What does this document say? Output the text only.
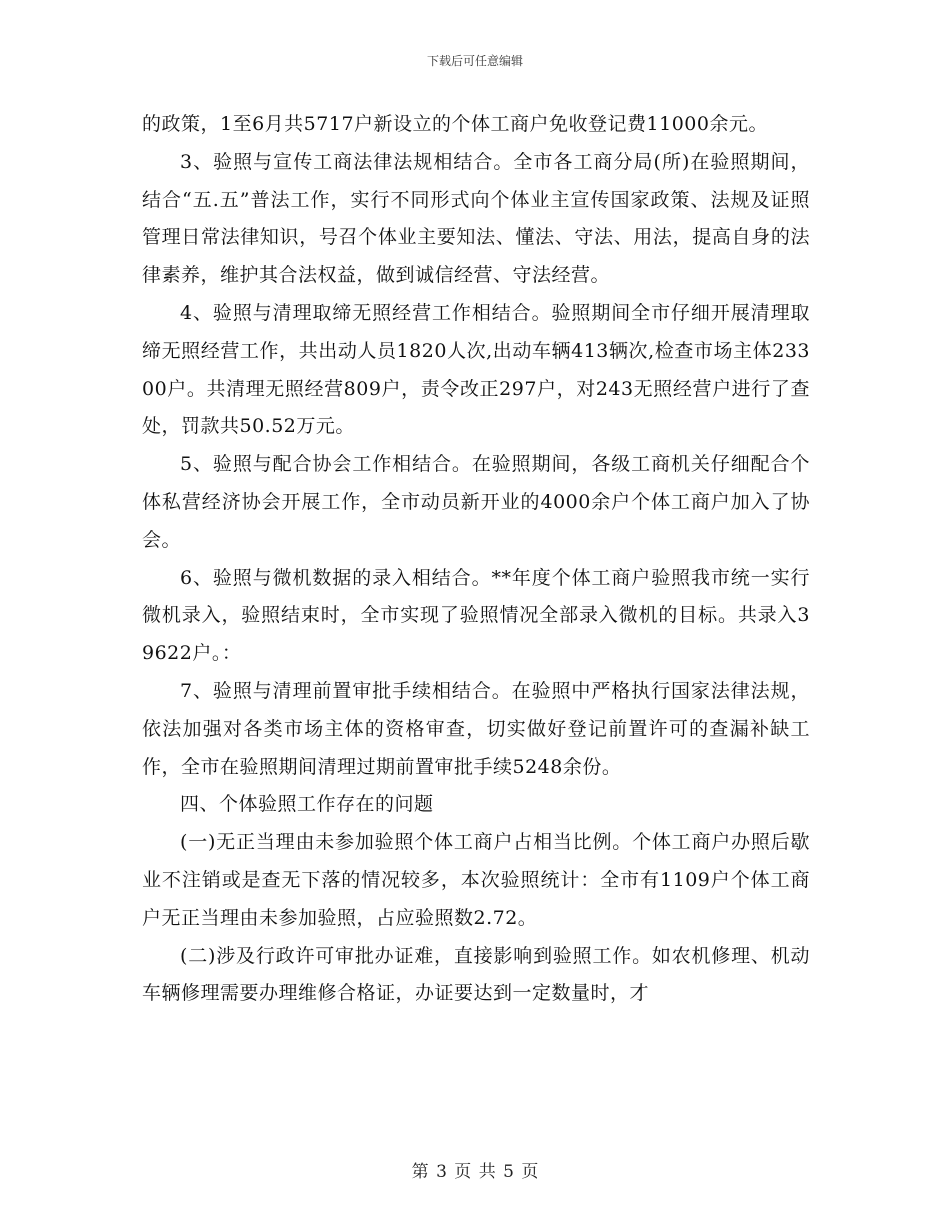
下载后可任意编辑

的政策，1至6月共5717户新设立的个体工商户免收登记费11000余元。

3、验照与宣传工商法律法规相结合。全市各工商分局(所)在验照期间，结合“五.五”普法工作，实行不同形式向个体业主宣传国家政策、法规及证照管理日常法律知识，号召个体业主要知法、懂法、守法、用法，提高自身的法律素养，维护其合法权益，做到诚信经营、守法经营。

4、验照与清理取缔无照经营工作相结合。验照期间全市仔细开展清理取缔无照经营工作，共出动人员1820人次,出动车辆413辆次,检查市场主体23300户。共清理无照经营809户，责令改正297户，对243无照经营户进行了查处，罚款共50.52万元。

5、验照与配合协会工作相结合。在验照期间，各级工商机关仔细配合个体私营经济协会开展工作，全市动员新开业的4000余户个体工商户加入了协会。

6、验照与微机数据的录入相结合。**年度个体工商户验照我市统一实行微机录入，验照结束时，全市实现了验照情况全部录入微机的目标。共录入39622户。：

7、验照与清理前置审批手续相结合。在验照中严格执行国家法律法规，依法加强对各类市场主体的资格审查，切实做好登记前置许可的查漏补缺工作，全市在验照期间清理过期前置审批手续5248余份。

四、个体验照工作存在的问题

(一)无正当理由未参加验照个体工商户占相当比例。个体工商户办照后歇业不注销或是查无下落的情况较多，本次验照统计：全市有1109户个体工商户无正当理由未参加验照，占应验照数2.72。

(二)涉及行政许可审批办证难，直接影响到验照工作。如农机修理、机动车辆修理需要办理维修合格证，办证要达到一定数量时，才

第 3 页 共 5 页
